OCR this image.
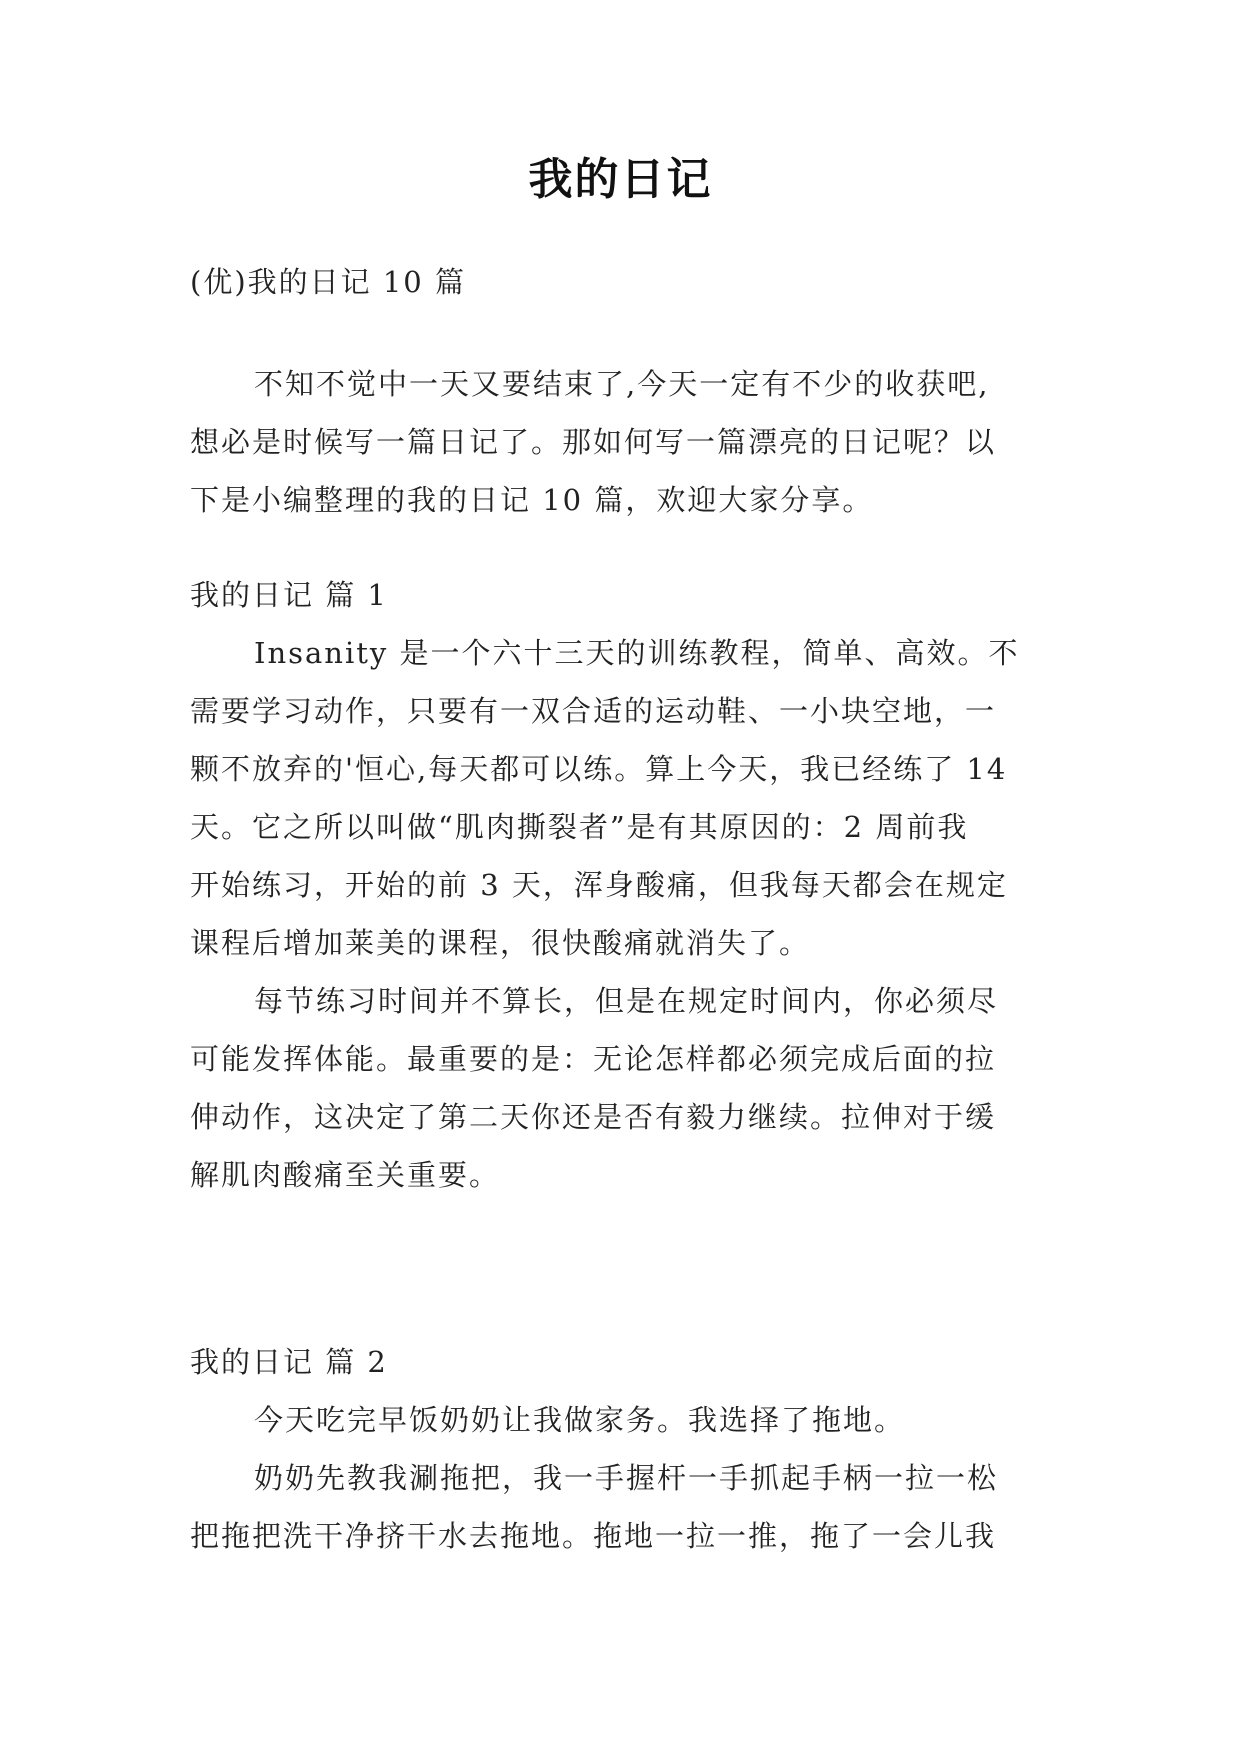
我的日记
(优)我的日记 10 篇
不知不觉中一天又要结束了,今天一定有不少的收获吧,
想必是时候写一篇日记了。那如何写一篇漂亮的日记呢？以
下是小编整理的我的日记 10 篇，欢迎大家分享。
我的日记 篇 1
Insanity 是一个六十三天的训练教程，简单、高效。不
需要学习动作，只要有一双合适的运动鞋、一小块空地，一
颗不放弃的'恒心,每天都可以练。算上今天，我已经练了 14
天。它之所以叫做“肌肉撕裂者”是有其原因的：2 周前我
开始练习，开始的前 3 天，浑身酸痛，但我每天都会在规定
课程后增加莱美的课程，很快酸痛就消失了。
每节练习时间并不算长，但是在规定时间内，你必须尽
可能发挥体能。最重要的是：无论怎样都必须完成后面的拉
伸动作，这决定了第二天你还是否有毅力继续。拉伸对于缓
解肌肉酸痛至关重要。
我的日记 篇 2
今天吃完早饭奶奶让我做家务。我选择了拖地。
奶奶先教我涮拖把，我一手握杆一手抓起手柄一拉一松
把拖把洗干净挤干水去拖地。拖地一拉一推，拖了一会儿我
